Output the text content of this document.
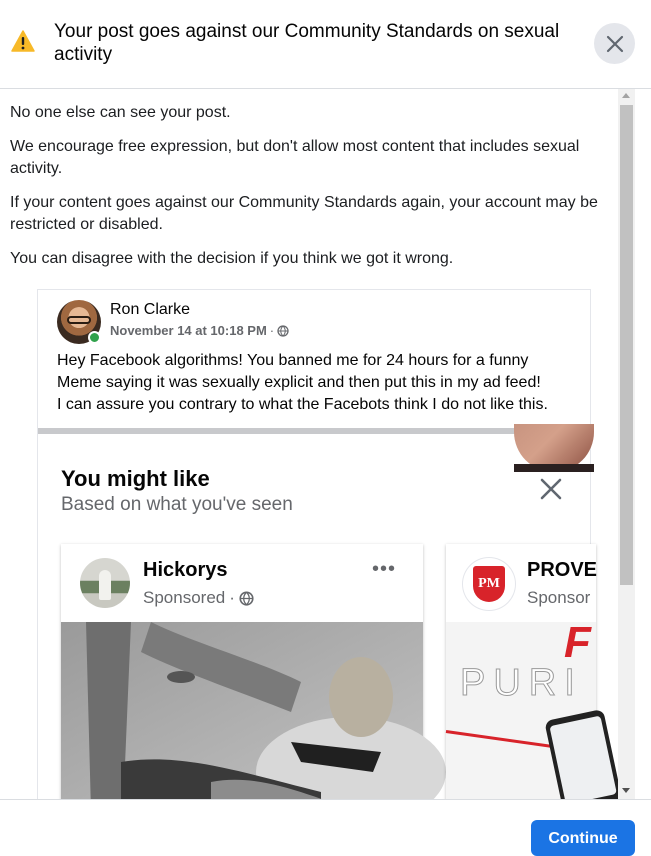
Your post goes against our Community Standards on sexual activity

No one else can see your post.

We encourage free expression, but don't allow most content that includes sexual activity.

If your content goes against our Community Standards again, your account may be restricted or disabled.

You can disagree with the decision if you think we got it wrong.

Ron Clarke
November 14 at 10:18 PM ·
Hey Facebook algorithms! You banned me for 24 hours for a funny
Meme saying it was sexually explicit and then put this in my ad feed!
I can assure you contrary to what the Facebots think I do not like this.
You might like
Based on what you've seen
Hickorys
Sponsored ·
•••
PM
PROVE
Sponsor
F
PURI
Continue
